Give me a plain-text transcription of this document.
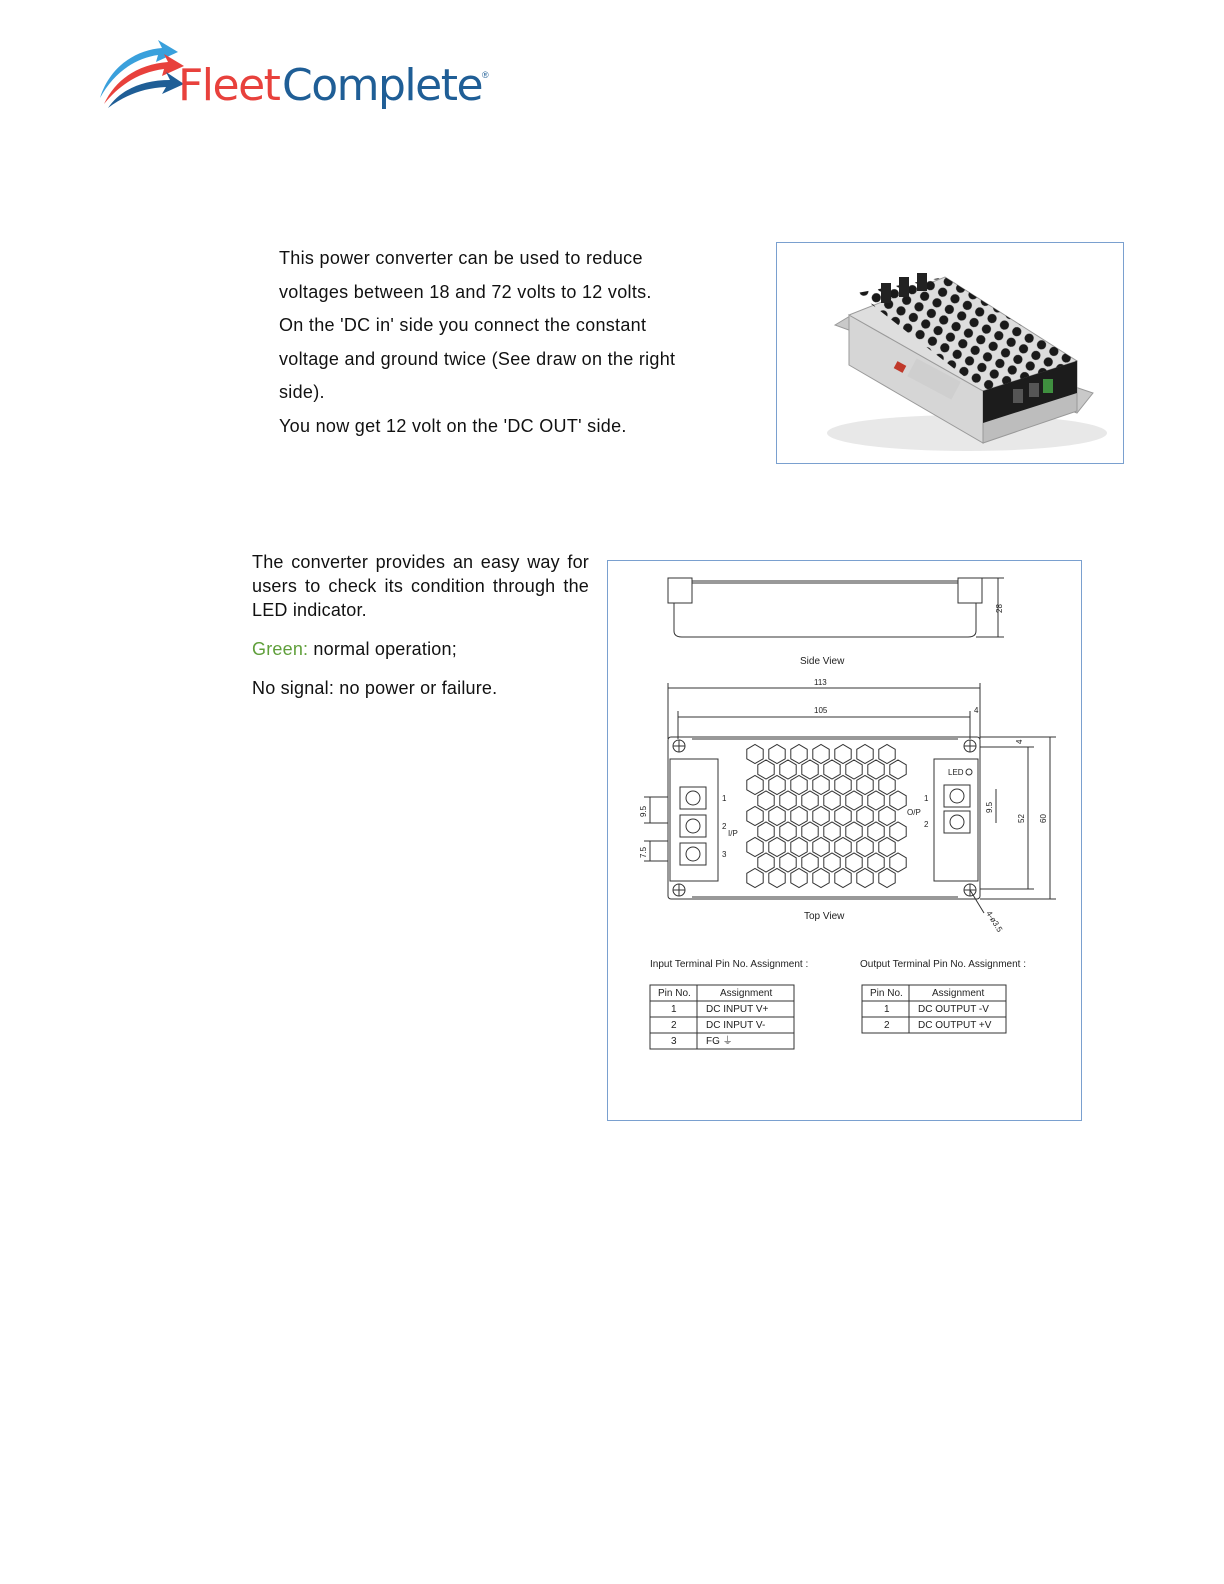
Fleet Complete ®

This power converter can be used to reduce

voltages between 18 and 72 volts to 12 volts.

On the 'DC in' side you connect the constant

voltage and ground twice (See draw on the right

side).

You now get 12 volt on the 'DC OUT' side.

The converter provides an easy way for users to check its condition through the LED indicator.

Green: normal operation;

No signal: no power or failure.

28
Side View
113
105	4
1
2
3
I/P
LED
1
2
O/P
Top View
9.5
7.5
60
52
9.5
4
4-ø3.5
Input Terminal Pin No. Assignment :
Pin No.	Assignment
1	DC INPUT V+
2	DC INPUT V-
3	FG ⏚
Output Terminal Pin No. Assignment :
Pin No.	Assignment
1	DC OUTPUT -V
2	DC OUTPUT +V
